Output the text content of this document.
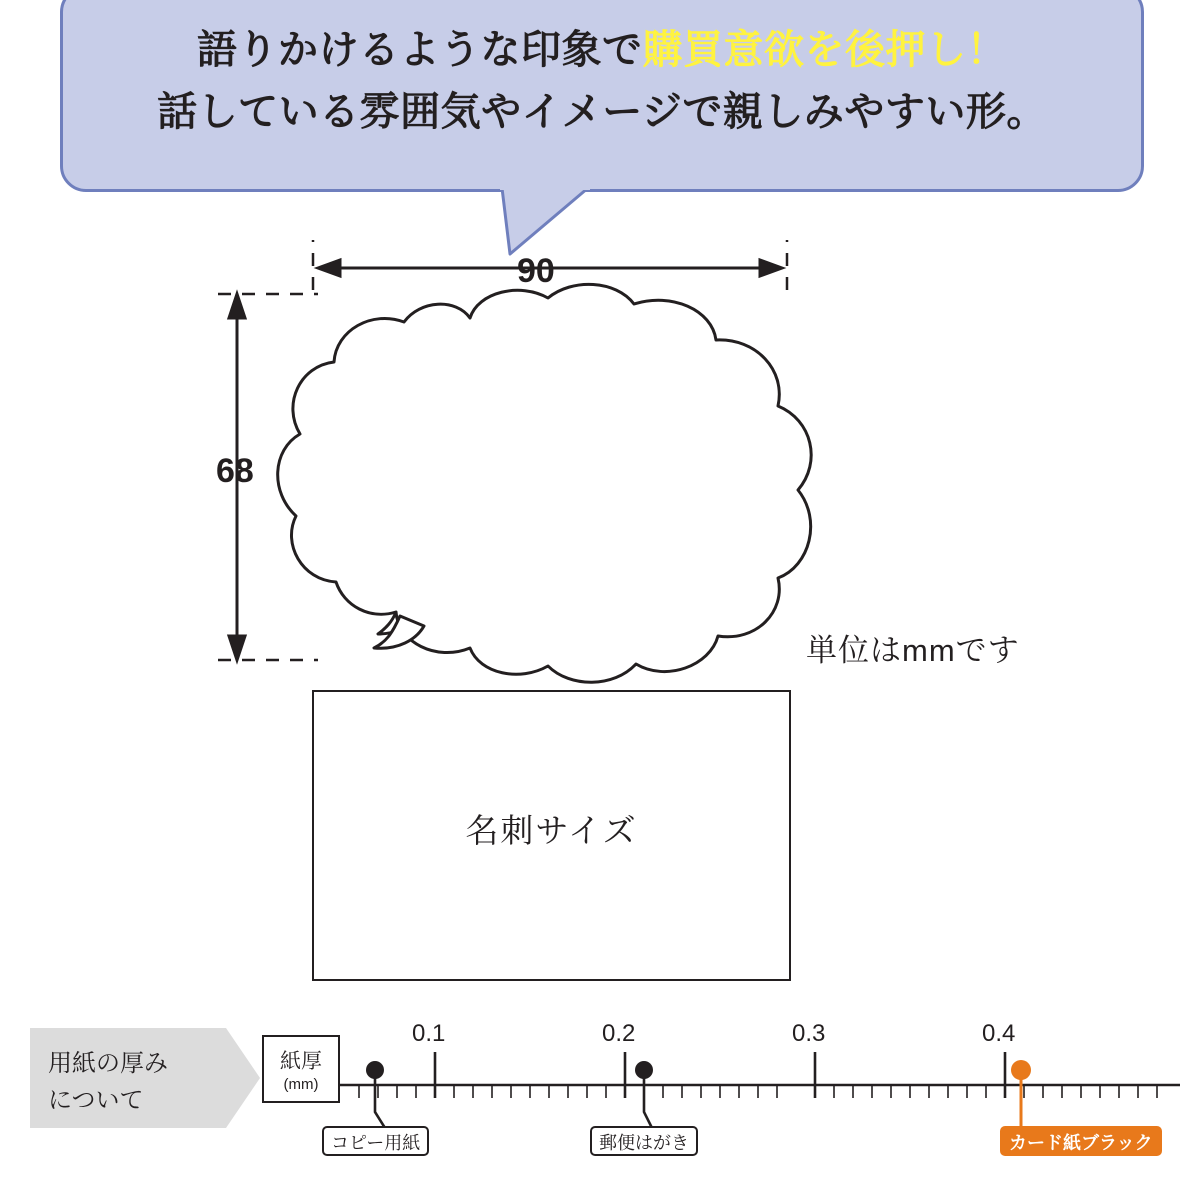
語りかけるような印象で購買意欲を後押し！
話している雰囲気やイメージで親しみやすい形。
90
68
単位はmmです
名刺サイズ
用紙の厚み
について
紙厚
(mm)
0.1	0.2	0.3	0.4
コピー用紙	郵便はがき	カード紙ブラック
